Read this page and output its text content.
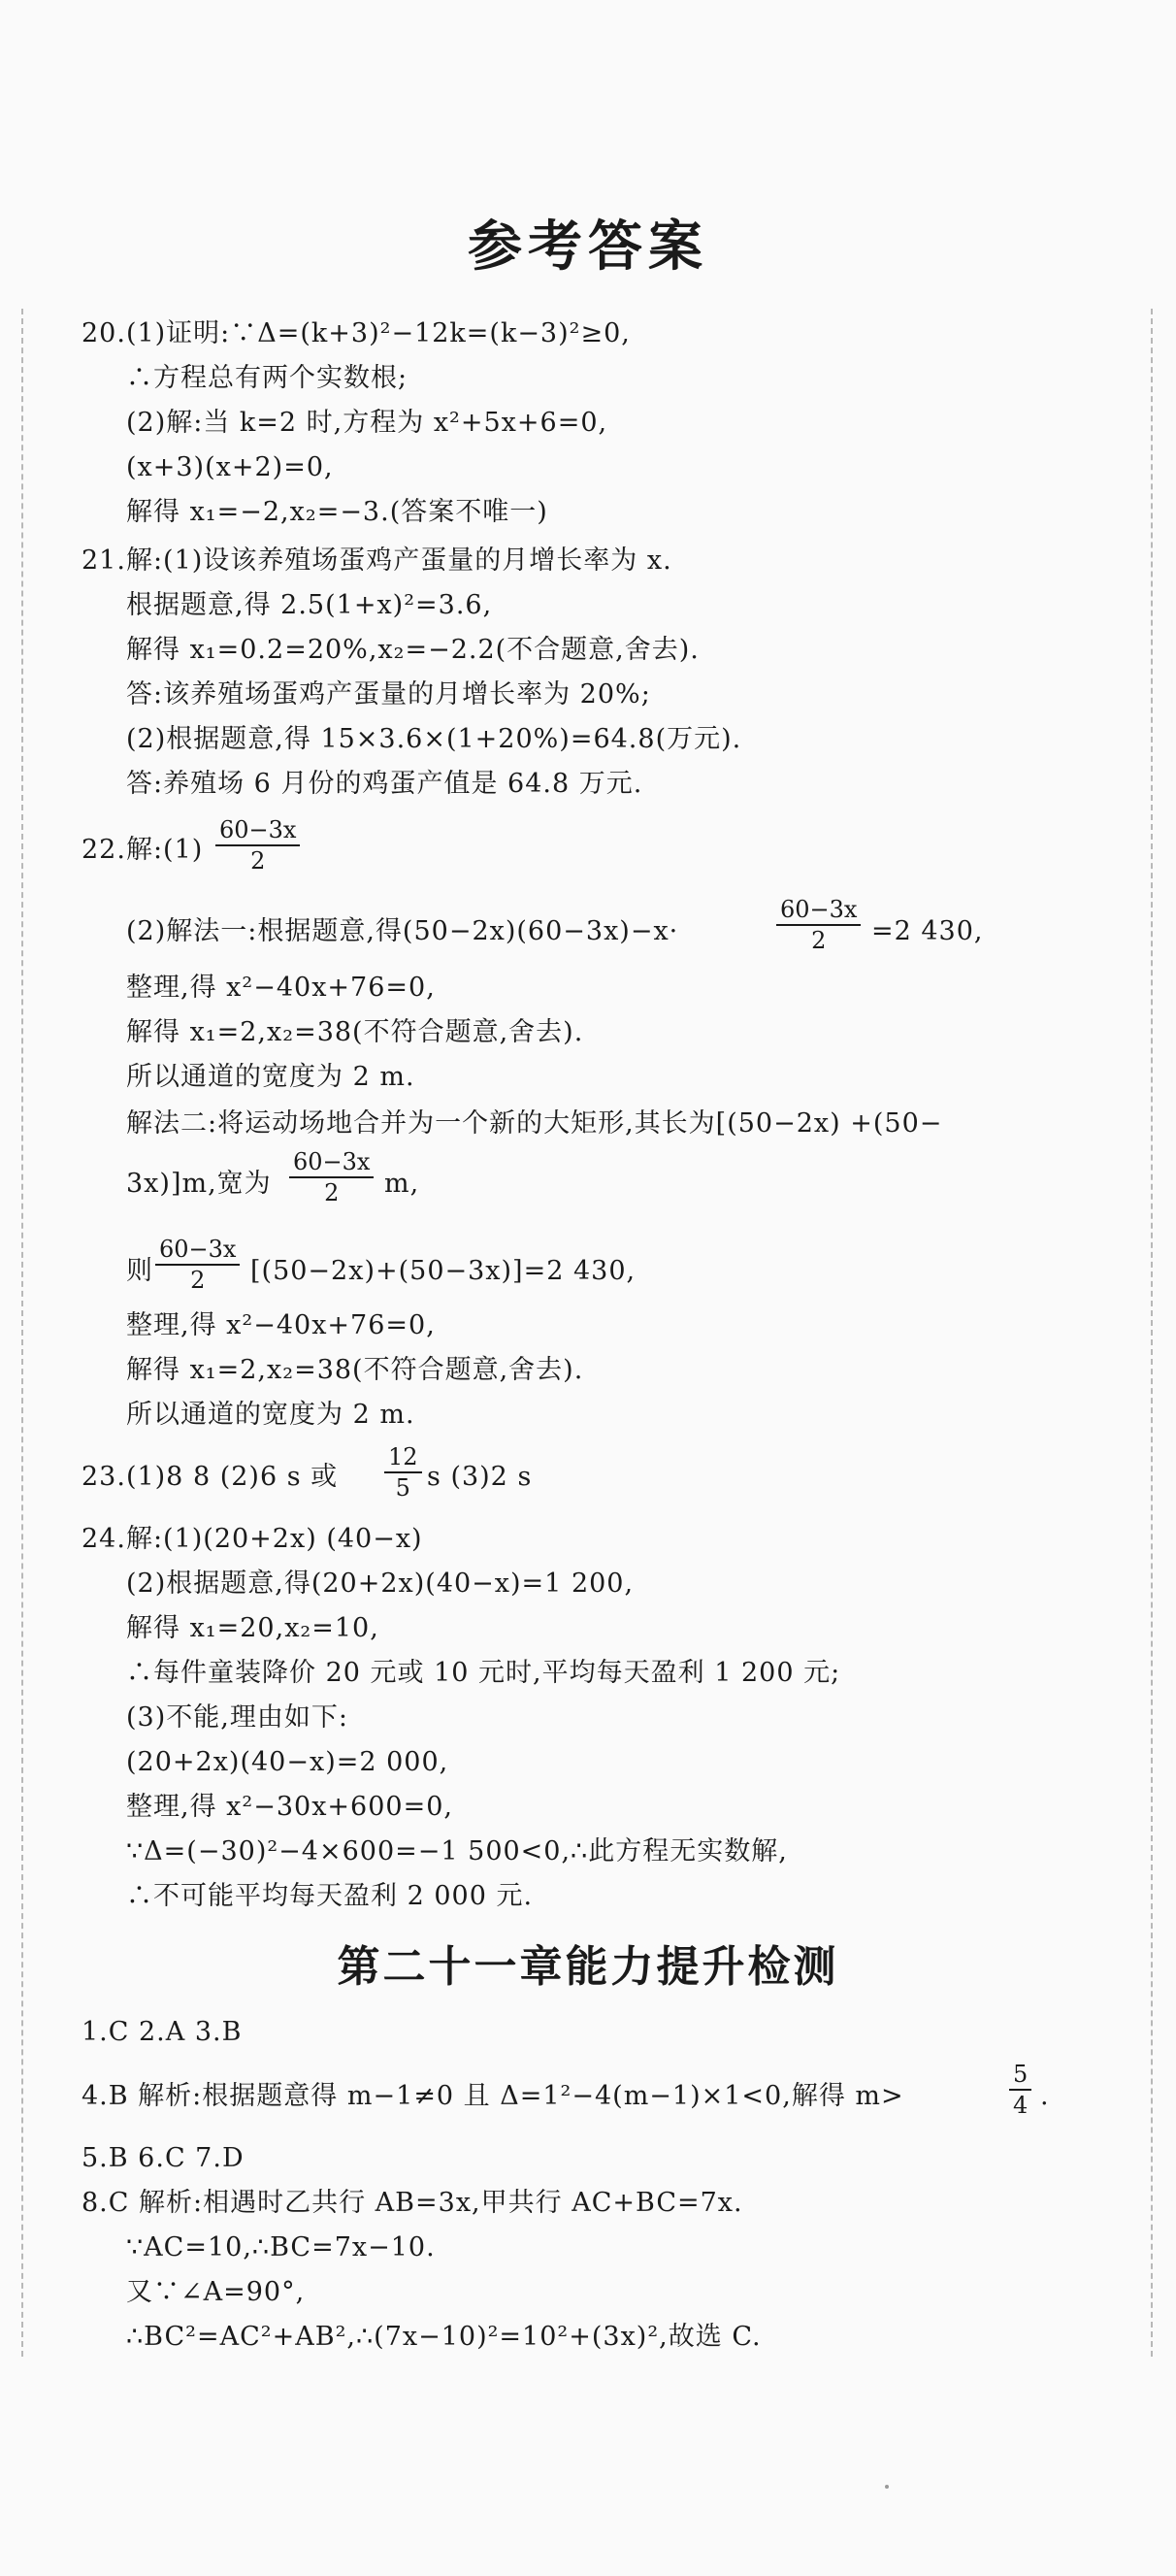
参考答案
20.(1)证明:∵Δ=(k+3)²−12k=(k−3)²≥0,
∴方程总有两个实数根;
(2)解:当 k=2 时,方程为 x²+5x+6=0,
(x+3)(x+2)=0,
解得 x₁=−2,x₂=−3.(答案不唯一)
21.解:(1)设该养殖场蛋鸡产蛋量的月增长率为 x.
根据题意,得 2.5(1+x)²=3.6,
解得 x₁=0.2=20%,x₂=−2.2(不合题意,舍去).
答:该养殖场蛋鸡产蛋量的月增长率为 20%;
(2)根据题意,得 15×3.6×(1+20%)=64.8(万元).
答:养殖场 6 月份的鸡蛋产值是 64.8 万元.
22.解:(1) $\frac{60-3x}{2}$
(2)解法一:根据题意,得(50−2x)(60−3x)−x·	$\frac{60-3x}{2} =2$ 430,
整理,得 x²−40x+76=0,
解得 x₁=2,x₂=38(不符合题意,舍去).
所以通道的宽度为 2 m.
解法二:将运动场地合并为一个新的大矩形,其长为[(50−2x) +(50−
3x)]m,宽为 $\frac{60-3x}{2} m$,
则 $\frac{60-3x}{2} [(50-2x)+(50-3x)]=2$ 430,
整理,得 x²−40x+76=0,
解得 x₁=2,x₂=38(不符合题意,舍去).
所以通道的宽度为 2 m.
23.(1)8 8 (2)6 s 或 $\frac{12}{5}$ s (3)2 s
24.解:(1)(20+2x) (40−x)
(2)根据题意,得(20+2x)(40−x)=1 200,
解得 x₁=20,x₂=10,
∴每件童装降价 20 元或 10 元时,平均每天盈利 1 200 元;
(3)不能,理由如下:
(20+2x)(40−x)=2 000,
整理,得 x²−30x+600=0,
∵Δ=(−30)²−4×600=−1 500<0,∴此方程无实数解,
∴不可能平均每天盈利 2 000 元.
第二十一章能力提升检测
1.C 2.A 3.B
4.B 解析:根据题意得 m−1≠0 且 Δ=1²−4(m−1)×1<0,解得 m>	$\frac{5}{4}$ .
5.B 6.C 7.D
8.C 解析:相遇时乙共行 AB=3x,甲共行 AC+BC=7x.
∵AC=10,∴BC=7x−10.
又∵∠A=90°,
∴BC²=AC²+AB²,∴(7x−10)²=10²+(3x)²,故选 C.
